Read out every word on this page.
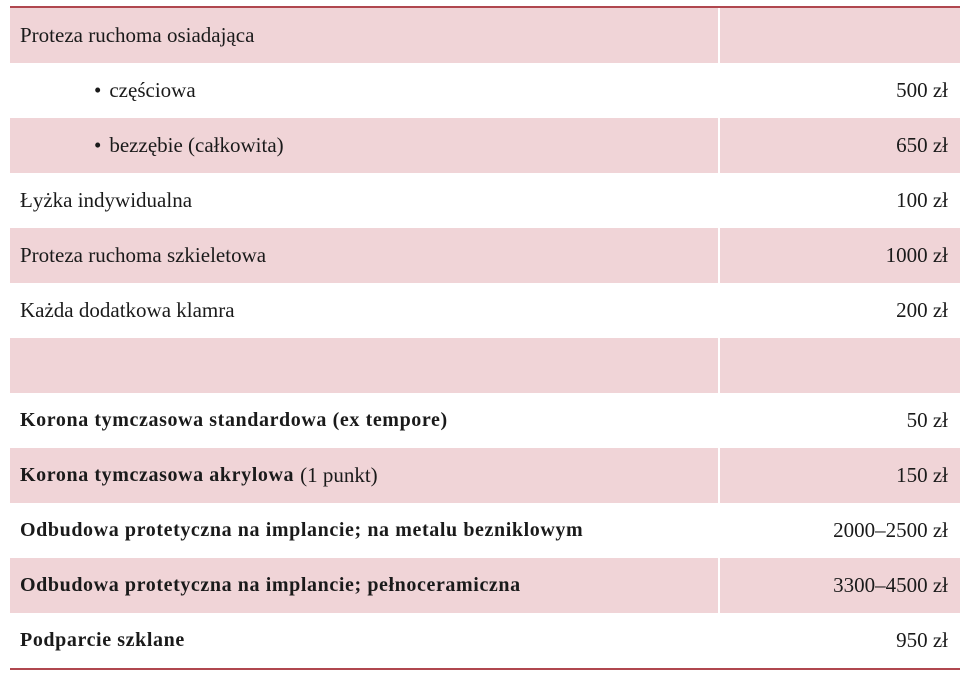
Proteza ruchoma osiadająca
• częściowa	500 zł
• bezzębie (całkowita)	650 zł
Łyżka indywidualna	100 zł
Proteza ruchoma szkieletowa	1000 zł
Każda dodatkowa klamra	200 zł
Korona tymczasowa standardowa (ex tempore)	50 zł
Korona tymczasowa akrylowa (1 punkt)	150 zł
Odbudowa protetyczna na implancie; na metalu bezniklowym	2000–2500 zł
Odbudowa protetyczna na implancie; pełnoceramiczna	3300–4500 zł
Podparcie szklane	950 zł
